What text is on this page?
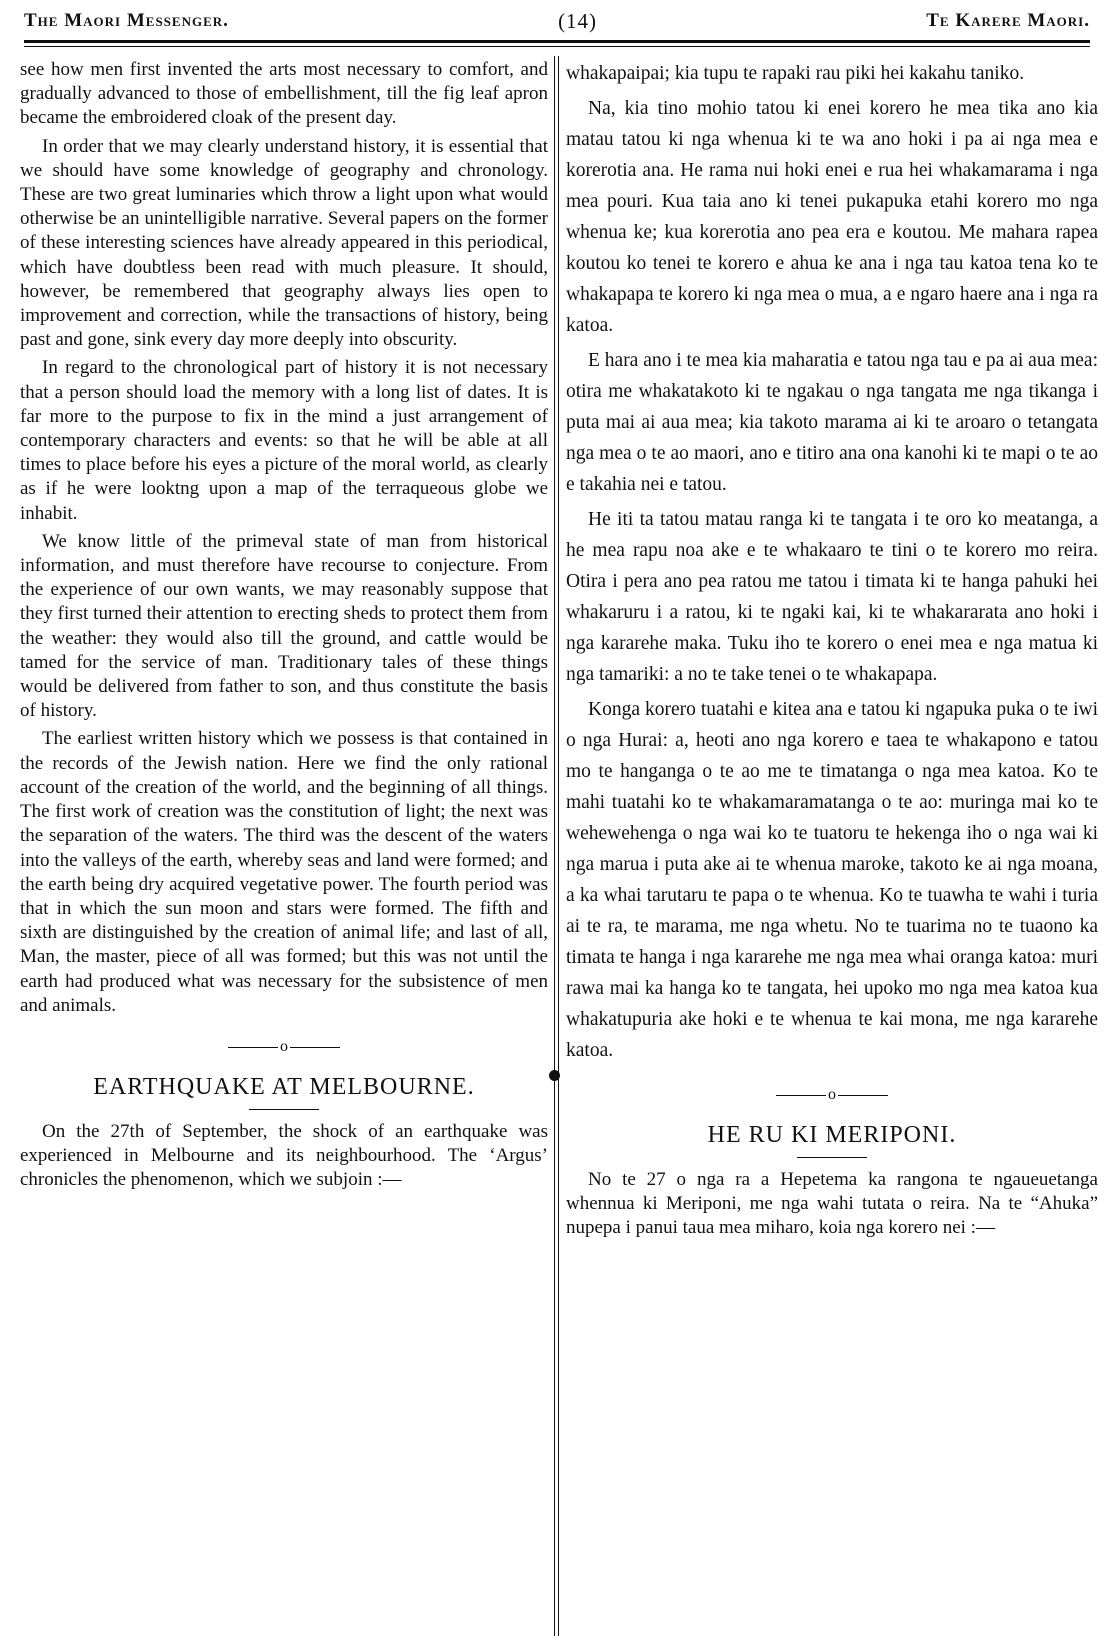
The Maori Messenger.	(14)	Te Karere Maori.

see how men first invented the arts most necessary to comfort, and gradually advanced to those of embellishment, till the fig leaf apron became the embroidered cloak of the present day.

In order that we may clearly understand history, it is essential that we should have some knowledge of geography and chronology. These are two great luminaries which throw a light upon what would otherwise be an unintelligible narrative. Several papers on the former of these interesting sciences have already appeared in this periodical, which have doubtless been read with much pleasure. It should, however, be remembered that geography always lies open to improvement and correction, while the transactions of history, being past and gone, sink every day more deeply into obscurity.

In regard to the chronological part of history it is not necessary that a person should load the memory with a long list of dates. It is far more to the purpose to fix in the mind a just arrangement of contemporary characters and events: so that he will be able at all times to place before his eyes a picture of the moral world, as clearly as if he were looktng upon a map of the terraqueous globe we inhabit.

We know little of the primeval state of man from historical information, and must therefore have recourse to conjecture. From the experience of our own wants, we may reasonably suppose that they first turned their attention to erecting sheds to protect them from the weather: they would also till the ground, and cattle would be tamed for the service of man. Traditionary tales of these things would be delivered from father to son, and thus constitute the basis of history.

The earliest written history which we possess is that contained in the records of the Jewish nation. Here we find the only rational account of the creation of the world, and the beginning of all things. The first work of creation was the constitution of light; the next was the separation of the waters. The third was the descent of the waters into the valleys of the earth, whereby seas and land were formed; and the earth being dry acquired vegetative power. The fourth period was that in which the sun moon and stars were formed. The fifth and sixth are distinguished by the creation of animal life; and last of all, Man, the master, piece of all was formed; but this was not until the earth had produced what was necessary for the subsistence of men and animals.

o
EARTHQUAKE AT MELBOURNE.

On the 27th of September, the shock of an earthquake was experienced in Melbourne and its neighbourhood. The ‘Argus’ chronicles the phenomenon, which we subjoin :—

whakapaipai; kia tupu te rapaki rau piki hei kakahu taniko.

Na, kia tino mohio tatou ki enei korero he mea tika ano kia matau tatou ki nga whenua ki te wa ano hoki i pa ai nga mea e korerotia ana. He rama nui hoki enei e rua hei whakamarama i nga mea pouri. Kua taia ano ki tenei pukapuka etahi korero mo nga whenua ke; kua korerotia ano pea era e koutou. Me mahara rapea koutou ko tenei te korero e ahua ke ana i nga tau katoa tena ko te whakapapa te korero ki nga mea o mua, a e ngaro haere ana i nga ra katoa.

E hara ano i te mea kia maharatia e tatou nga tau e pa ai aua mea: otira me whakatakoto ki te ngakau o nga tangata me nga tikanga i puta mai ai aua mea; kia takoto marama ai ki te aroaro o tetangata nga mea o te ao maori, ano e titiro ana ona kanohi ki te mapi o te ao e takahia nei e tatou.

He iti ta tatou matau ranga ki te tangata i te oro ko meatanga, a he mea rapu noa ake e te whakaaro te tini o te korero mo reira. Otira i pera ano pea ratou me tatou i timata ki te hanga pahuki hei whakaruru i a ratou, ki te ngaki kai, ki te whakararata ano hoki i nga kararehe maka. Tuku iho te korero o enei mea e nga matua ki nga tamariki: a no te take tenei o te whakapapa.

Konga korero tuatahi e kitea ana e tatou ki ngapuka puka o te iwi o nga Hurai: a, heoti ano nga korero e taea te whakapono e tatou mo te hanganga o te ao me te timatanga o nga mea katoa. Ko te mahi tuatahi ko te whakamaramatanga o te ao: muringa mai ko te wehewehenga o nga wai ko te tuatoru te hekenga iho o nga wai ki nga marua i puta ake ai te whenua maroke, takoto ke ai nga moana, a ka whai tarutaru te papa o te whenua. Ko te tuawha te wahi i turia ai te ra, te marama, me nga whetu. No te tuarima no te tuaono ka timata te hanga i nga kararehe me nga mea whai oranga katoa: muri rawa mai ka hanga ko te tangata, hei upoko mo nga mea katoa kua whakatupuria ake hoki e te whenua te kai mona, me nga kararehe katoa.

o
HE RU KI MERIPONI.

No te 27 o nga ra a Hepetema ka rangona te ngaueuetanga whennua ki Meriponi, me nga wahi tutata o reira. Na te “Ahuka” nupepa i panui taua mea miharo, koia nga korero nei :—
